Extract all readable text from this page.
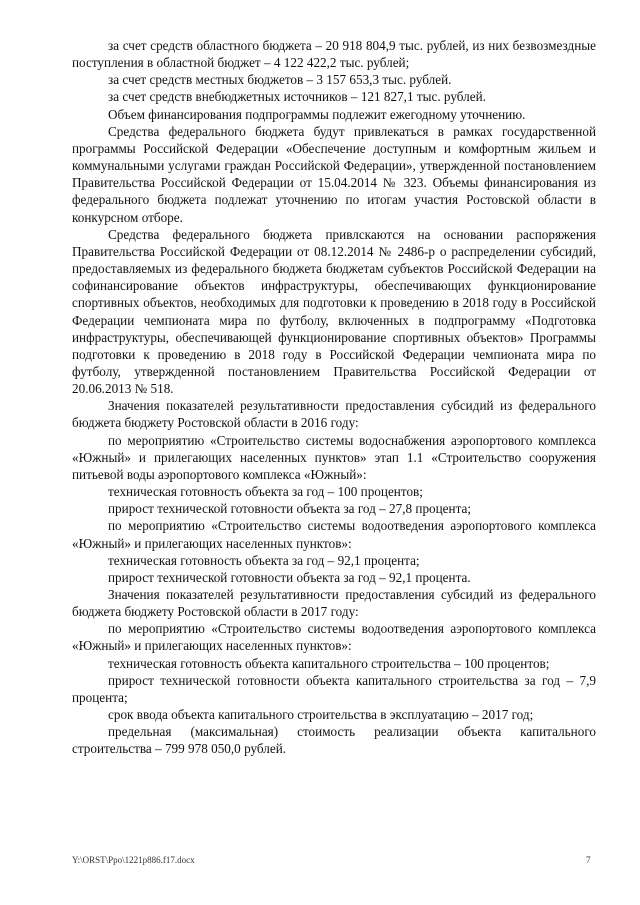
за счет средств областного бюджета – 20 918 804,9 тыс. рублей, из них безвозмездные поступления в областной бюджет – 4 122 422,2 тыс. рублей;

за счет средств местных бюджетов – 3 157 653,3 тыс. рублей.

за счет средств внебюджетных источников – 121 827,1 тыс. рублей.

Объем финансирования подпрограммы подлежит ежегодному уточнению.

Средства федерального бюджета будут привлекаться в рамках государственной программы Российской Федерации «Обеспечение доступным и комфортным жильем и коммунальными услугами граждан Российской Федерации», утвержденной постановлением Правительства Российской Федерации от 15.04.2014 № 323. Объемы финансирования из федерального бюджета подлежат уточнению по итогам участия Ростовской области в конкурсном отборе.

Средства федерального бюджета привлскаются на основании распоряжения Правительства Российской Федерации от 08.12.2014 № 2486-р о распределении субсидий, предоставляемых из федерального бюджета бюджетам субъектов Российской Федерации на софинансирование объектов инфраструктуры, обеспечивающих функционирование спортивных объектов, необходимых для подготовки к проведению в 2018 году в Российской Федерации чемпионата мира по футболу, включенных в подпрограмму «Подготовка инфраструктуры, обеспечивающей функционирование спортивных объектов» Программы подготовки к проведению в 2018 году в Российской Федерации чемпионата мира по футболу, утвержденной постановлением Правительства Российской Федерации от 20.06.2013 № 518.

Значения показателей результативности предоставления субсидий из федерального бюджета бюджету Ростовской области в 2016 году:

по мероприятию «Строительство системы водоснабжения аэропортового комплекса «Южный» и прилегающих населенных пунктов» этап 1.1 «Строительство сооружения питьевой воды аэропортового комплекса «Южный»:

техническая готовность объекта за год – 100 процентов;

прирост технической готовности объекта за год – 27,8 процента;

по мероприятию «Строительство системы водоотведения аэропортового комплекса «Южный» и прилегающих населенных пунктов»:

техническая готовность объекта за год – 92,1 процента;

прирост технической готовности объекта за год – 92,1 процента.

Значения показателей результативности предоставления субсидий из федерального бюджета бюджету Ростовской области в 2017 году:

по мероприятию «Строительство системы водоотведения аэропортового комплекса «Южный» и прилегающих населенных пунктов»:

техническая готовность объекта капитального строительства – 100 процентов;

прирост технической готовности объекта капитального строительства за год – 7,9 процента;

срок ввода объекта капитального строительства в эксплуатацию – 2017 год;

предельная (максимальная) стоимость реализации объекта капитального строительства – 799 978 050,0 рублей.

Y:\ORST\Ppo\1221p886.f17.docx	7
